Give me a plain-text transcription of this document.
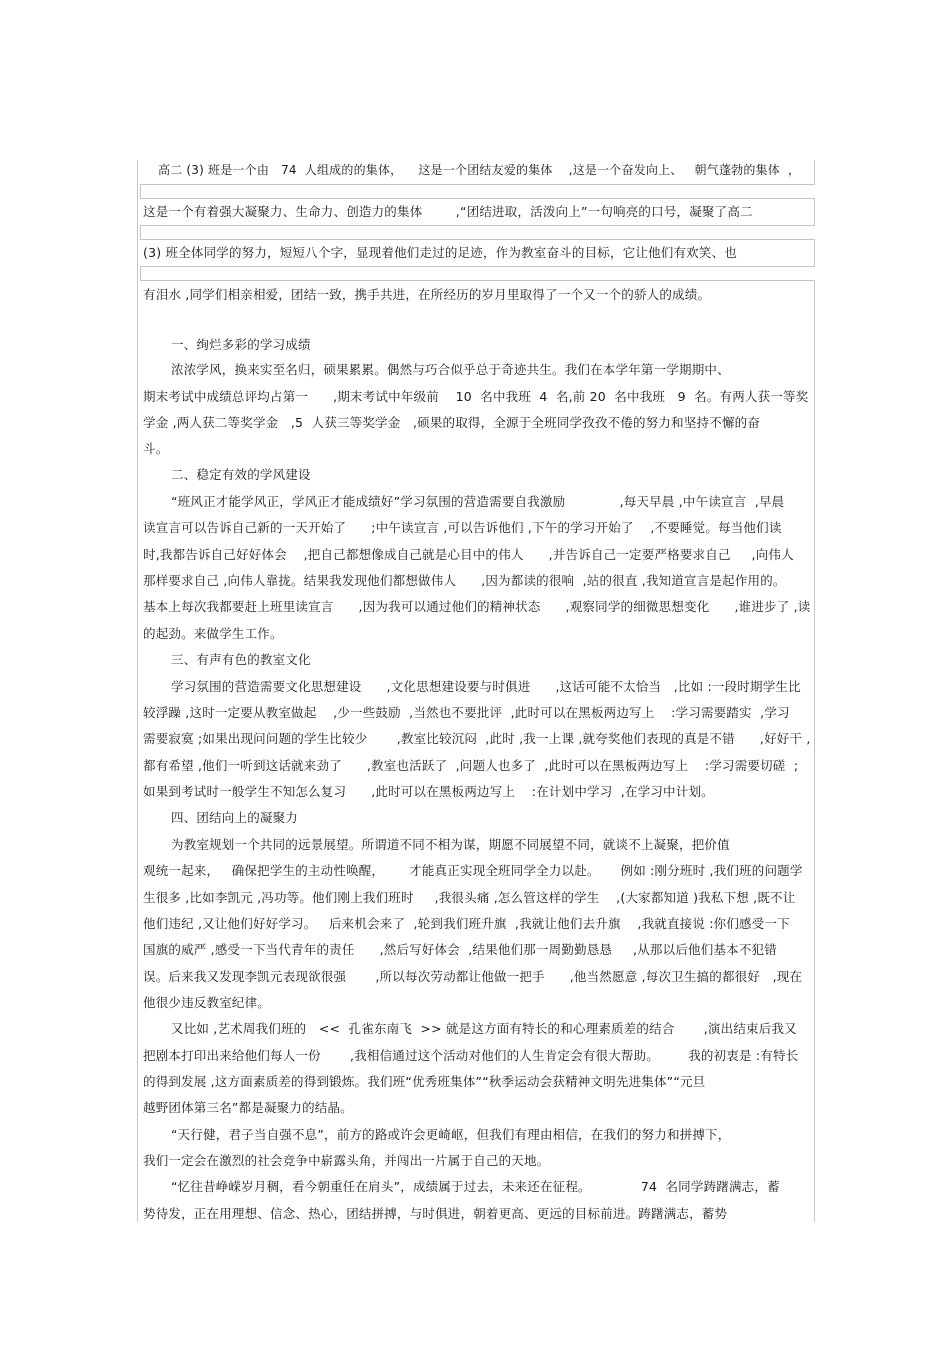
高二 (3) 班是一个由   74  人组成的的集体，    这是一个团结友爱的集体    ,这是一个奋发向上、   朝气蓬勃的集体  ，
这是一个有着强大凝聚力、生命力、创造力的集体        ,“团结进取，活泼向上”一句响亮的口号，凝聚了高二
(3) 班全体同学的努力，短短八个字，显现着他们走过的足迹，作为教室奋斗的目标，它让他们有欢笑、也
有泪水 ,同学们相亲相爱，团结一致，携手共进，在所经历的岁月里取得了一个又一个的骄人的成绩。
一、绚烂多彩的学习成绩
浓浓学风，换来实至名归，硕果累累。偶然与巧合似乎总于奇迹共生。我们在本学年第一学期期中、
期末考试中成绩总评均占第一      ,期末考试中年级前    10  名中我班  4  名,前 20  名中我班   9  名。有两人获一等奖
学金 ,两人获二等奖学金   ,5  人获三等奖学金   ,硕果的取得，全源于全班同学孜孜不倦的努力和坚持不懈的奋
斗。
二、稳定有效的学风建设
“班风正才能学风正，学风正才能成绩好”学习氛围的营造需要自我激励             ,每天早晨 ,中午读宣言  ,早晨
读宣言可以告诉自己新的一天开始了      ;中午读宣言 ,可以告诉他们 ,下午的学习开始了    ,不要睡觉。每当他们读
时,我都告诉自己好好体会    ,把自己都想像成自己就是心目中的伟人      ,并告诉自己一定要严格要求自己     ,向伟人
那样要求自己 ,向伟人靠拢。结果我发现他们都想做伟人      ,因为都读的很响  ,站的很直 ,我知道宣言是起作用的。
基本上每次我都要赶上班里读宣言      ,因为我可以通过他们的精神状态      ,观察同学的细微思想变化      ,谁进步了 ,读
的起劲。来做学生工作。
三、有声有色的教室文化
学习氛围的营造需要文化思想建设      ,文化思想建设要与时俱进      ,这话可能不太恰当   ,比如 :一段时期学生比
较浮躁 ,这时一定要从教室做起    ,少一些鼓励  ,当然也不要批评  ,此时可以在黑板两边写上    :学习需要踏实  ,学习
需要寂寞 ;如果出现问问题的学生比较少       ,教室比较沉闷  ,此时 ,我一上课 ,就夸奖他们表现的真是不错      ,好好干 ,
都有希望 ,他们一听到这话就来劲了      ,教室也活跃了  ,问题人也多了  ,此时可以在黑板两边写上    :学习需要切磋  ;
如果到考试时一般学生不知怎么复习      ,此时可以在黑板两边写上    :在计划中学习  ,在学习中计划。
四、团结向上的凝聚力
为教室规划一个共同的远景展望。所谓道不同不相为谋，期愿不同展望不同，就谈不上凝聚，把价值
观统一起来，   确保把学生的主动性唤醒，      才能真正实现全班同学全力以赴。     例如 :刚分班时 ,我们班的问题学
生很多 ,比如李凯元 ,冯功等。他们刚上我们班时     ,我很头痛 ,怎么管这样的学生    ,(大家都知道 )我私下想 ,既不让
他们违纪 ,又让他们好好学习。   后来机会来了  ,轮到我们班升旗  ,我就让他们去升旗    ,我就直接说 :你们感受一下
国旗的威严 ,感受一下当代青年的责任      ,然后写好体会  ,结果他们那一周勤勤恳恳     ,从那以后他们基本不犯错
误。后来我又发现李凯元表现欲很强       ,所以每次劳动都让他做一把手      ,他当然愿意 ,每次卫生搞的都很好   ,现在
他很少违反教室纪律。
又比如 ,艺术周我们班的   <<  孔雀东南飞  >> 就是这方面有特长的和心理素质差的结合       ,演出结束后我又
把剧本打印出来给他们每人一份       ,我相信通过这个活动对他们的人生肯定会有很大帮助。       我的初衷是 :有特长
的得到发展 ,这方面素质差的得到锻炼。我们班“优秀班集体”“秋季运动会获精神文明先进集体”“元旦
越野团体第三名”都是凝聚力的结晶。
“天行健，君子当自强不息”，前方的路或许会更崎岖，但我们有理由相信，在我们的努力和拼搏下，
我们一定会在激烈的社会竞争中崭露头角，并闯出一片属于自己的天地。
“忆往昔峥嵘岁月稠，看今朝重任在肩头”，成绩属于过去，未来还在征程。            74  名同学踌躇满志，蓄
势待发，正在用理想、信念、热心，团结拼搏，与时俱进，朝着更高、更远的目标前进。踌躇满志，蓄势
